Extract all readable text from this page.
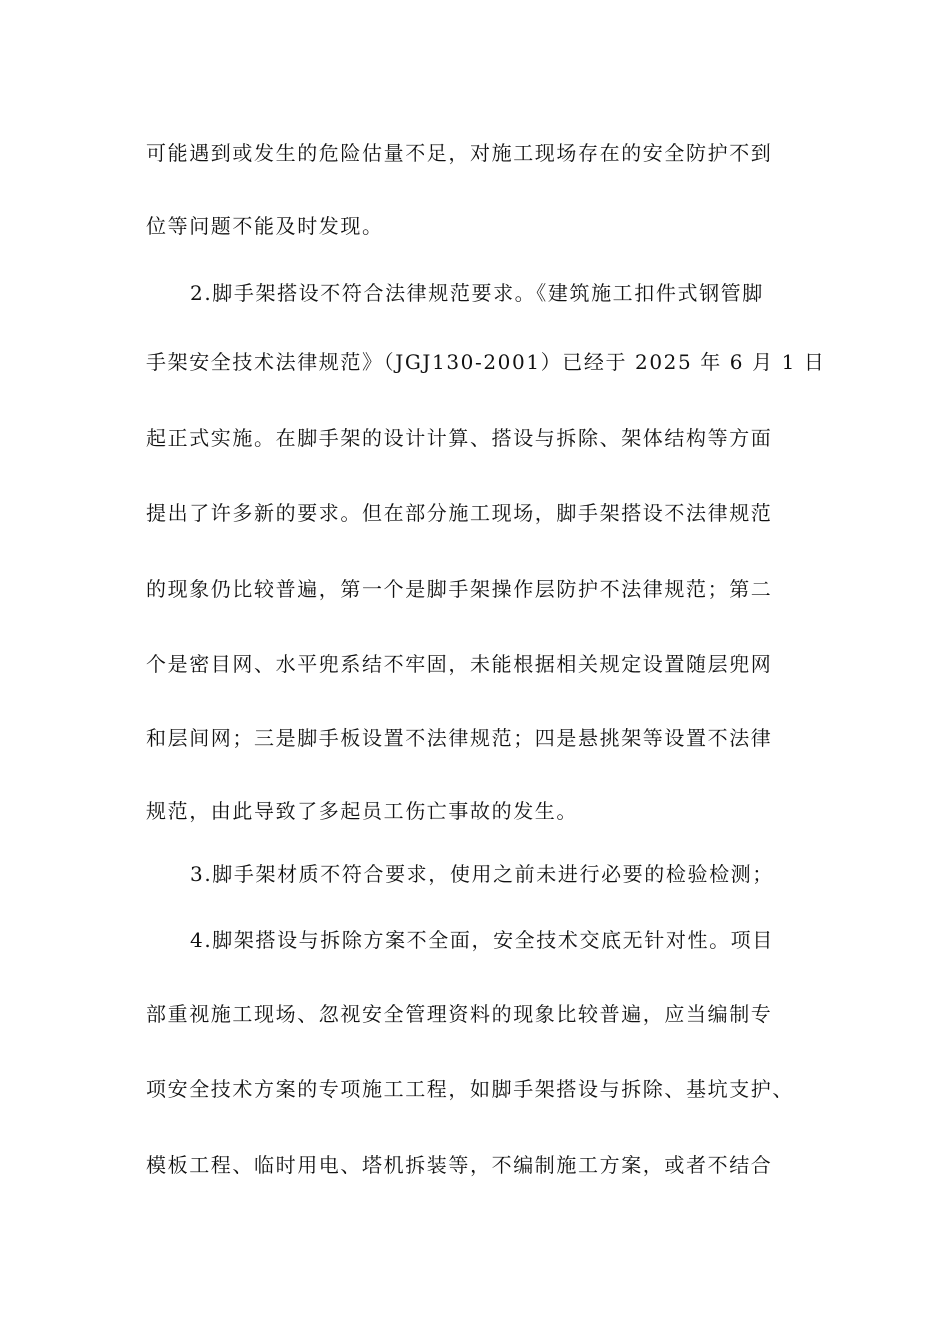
可能遇到或发生的危险估量不足，对施工现场存在的安全防护不到
位等问题不能及时发现。
2.脚手架搭设不符合法律规范要求。《建筑施工扣件式钢管脚
手架安全技术法律规范》（JGJ130-2001）已经于 2025 年 6 月 1 日
起正式实施。在脚手架的设计计算、搭设与拆除、架体结构等方面
提出了许多新的要求。但在部分施工现场，脚手架搭设不法律规范
的现象仍比较普遍，第一个是脚手架操作层防护不法律规范；第二
个是密目网、水平兜系结不牢固，未能根据相关规定设置随层兜网
和层间网；三是脚手板设置不法律规范；四是悬挑架等设置不法律
规范，由此导致了多起员工伤亡事故的发生。
3.脚手架材质不符合要求，使用之前未进行必要的检验检测；
4.脚架搭设与拆除方案不全面，安全技术交底无针对性。项目
部重视施工现场、忽视安全管理资料的现象比较普遍，应当编制专
项安全技术方案的专项施工工程，如脚手架搭设与拆除、基坑支护、
模板工程、临时用电、塔机拆装等，不编制施工方案，或者不结合
